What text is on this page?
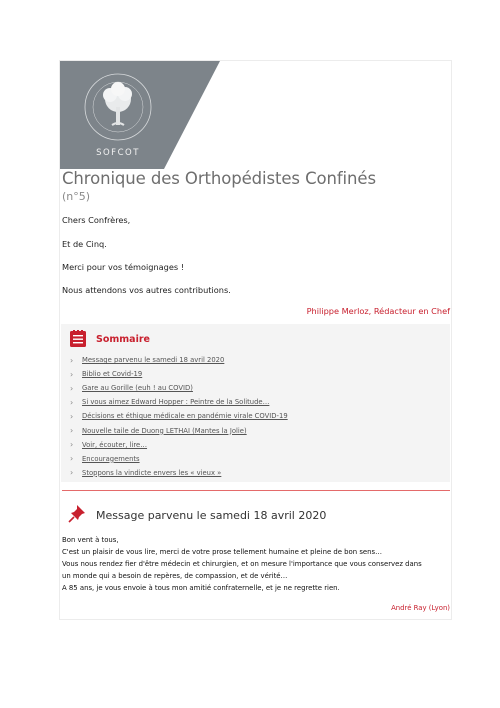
SOFCOT
Chronique des Orthopédistes Confinés
(n°5)
Chers Confrères,
Et de Cinq.
Merci pour vos témoignages !
Nous attendons vos autres contributions.
Philippe Merloz, Rédacteur en Chef
Sommaire
›	Message parvenu le samedi 18 avril 2020
›	Biblio et Covid-19
›	Gare au Gorille (euh ! au COVID)
›	Si vous aimez Edward Hopper : Peintre de la Solitude…
›	Décisions et éthique médicale en pandémie virale COVID-19
›	Nouvelle taile de Duong LETHAI (Mantes la Jolie)
›	Voir, écouter, lire…
›	Encouragements
›	Stoppons la vindicte envers les « vieux »
Message parvenu le samedi 18 avril 2020
Bon vent à tous,
C'est un plaisir de vous lire, merci de votre prose tellement humaine et pleine de bon sens…
Vous nous rendez fier d'être médecin et chirurgien, et on mesure l'importance que vous conservez dans
un monde qui a besoin de repères, de compassion, et de vérité…
A 85 ans, je vous envoie à tous mon amitié confraternelle, et je ne regrette rien.
André Ray (Lyon)
